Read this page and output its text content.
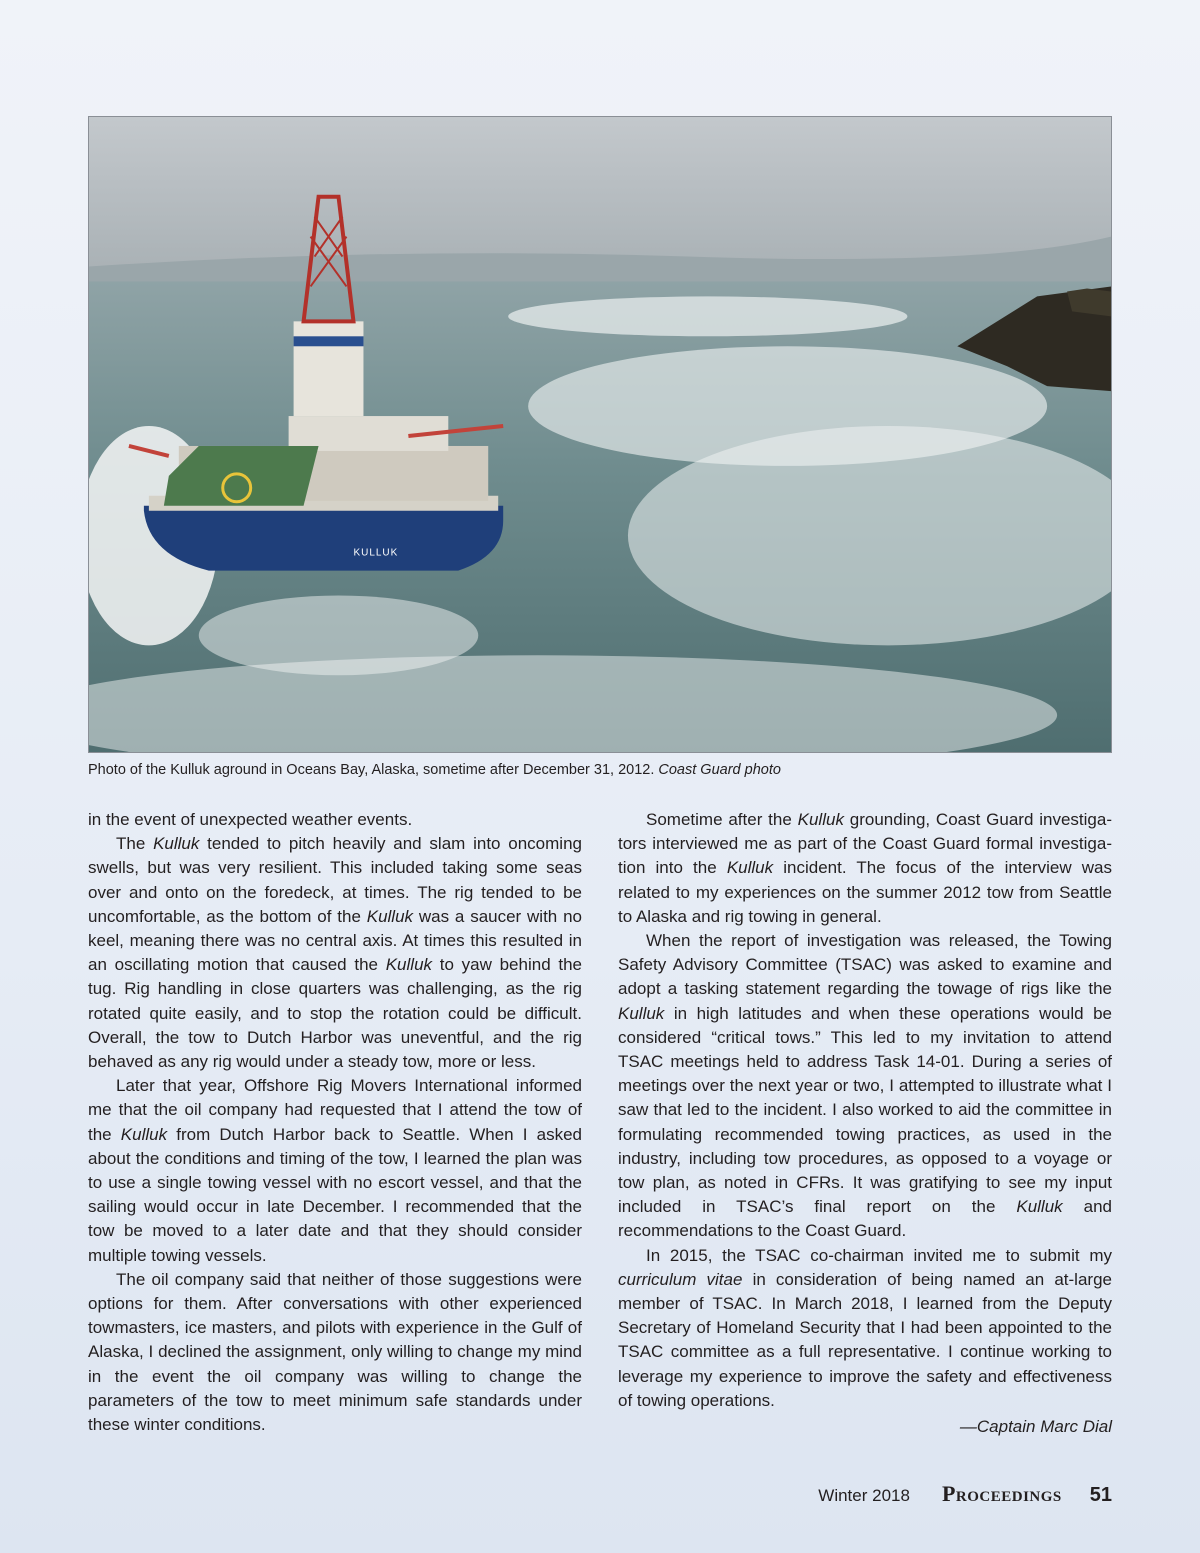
KULLUK
Photo of the Kulluk aground in Oceans Bay, Alaska, sometime after December 31, 2012. Coast Guard photo

in the event of unexpected weather events.

The Kulluk tended to pitch heavily and slam into oncoming swells, but was very resilient. This included taking some seas over and onto on the foredeck, at times. The rig tended to be uncomfortable, as the bottom of the Kulluk was a saucer with no keel, meaning there was no central axis. At times this resulted in an oscillating motion that caused the Kulluk to yaw behind the tug. Rig handling in close quarters was challenging, as the rig rotated quite easily, and to stop the rotation could be difficult. Overall, the tow to Dutch Harbor was uneventful, and the rig behaved as any rig would under a steady tow, more or less.

Later that year, Offshore Rig Movers International informed me that the oil company had requested that I attend the tow of the Kulluk from Dutch Harbor back to Seattle. When I asked about the conditions and timing of the tow, I learned the plan was to use a single towing vessel with no escort vessel, and that the sailing would occur in late December. I recommended that the tow be moved to a later date and that they should consider multiple towing vessels.

The oil company said that neither of those suggestions were options for them. After conversations with other experienced towmasters, ice masters, and pilots with experience in the Gulf of Alaska, I declined the assignment, only willing to change my mind in the event the oil company was willing to change the parameters of the tow to meet minimum safe standards under these winter conditions.

Sometime after the Kulluk grounding, Coast Guard investigators interviewed me as part of the Coast Guard formal investigation into the Kulluk incident. The focus of the interview was related to my experiences on the summer 2012 tow from Seattle to Alaska and rig towing in general.

When the report of investigation was released, the Towing Safety Advisory Committee (TSAC) was asked to examine and adopt a tasking statement regarding the towage of rigs like the Kulluk in high latitudes and when these operations would be considered “critical tows.” This led to my invitation to attend TSAC meetings held to address Task 14-01. During a series of meetings over the next year or two, I attempted to illustrate what I saw that led to the incident. I also worked to aid the committee in formulating recommended towing practices, as used in the industry, including tow procedures, as opposed to a voyage or tow plan, as noted in CFRs. It was gratifying to see my input included in TSAC’s final report on the Kulluk and recommendations to the Coast Guard.

In 2015, the TSAC co-chairman invited me to submit my curriculum vitae in consideration of being named an at-large member of TSAC. In March 2018, I learned from the Deputy Secretary of Homeland Security that I had been appointed to the TSAC committee as a full representative. I continue working to leverage my experience to improve the safety and effectiveness of towing operations.

—Captain Marc Dial

Winter 2018 Proceedings 51
